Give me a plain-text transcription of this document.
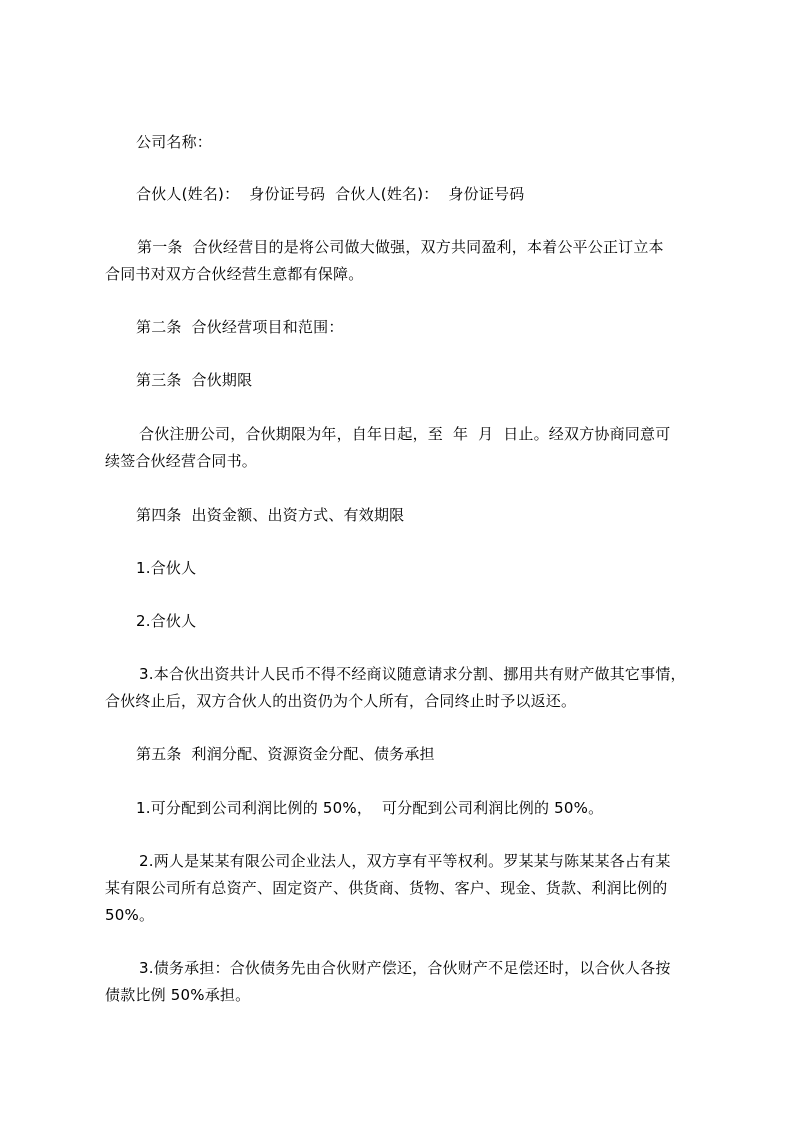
公司名称：
合伙人(姓名)：  身份证号码  合伙人(姓名)：  身份证号码
第一条  合伙经营目的是将公司做大做强，双方共同盈利，本着公平公正订立本
合同书对双方合伙经营生意都有保障。
第二条  合伙经营项目和范围：
第三条  合伙期限
合伙注册公司，合伙期限为年，自年日起，至  年  月  日止。经双方协商同意可
续签合伙经营合同书。
第四条  出资金额、出资方式、有效期限
1.合伙人
2.合伙人
3.本合伙出资共计人民币不得不经商议随意请求分割、挪用共有财产做其它事情，
合伙终止后，双方合伙人的出资仍为个人所有，合同终止时予以返还。
第五条  利润分配、资源资金分配、债务承担
1.可分配到公司利润比例的 50%，  可分配到公司利润比例的 50%。
2.两人是某某有限公司企业法人，双方享有平等权利。罗某某与陈某某各占有某
某有限公司所有总资产、固定资产、供货商、货物、客户、现金、货款、利润比例的
50%。
3.债务承担：合伙债务先由合伙财产偿还，合伙财产不足偿还时，以合伙人各按
债款比例 50%承担。
